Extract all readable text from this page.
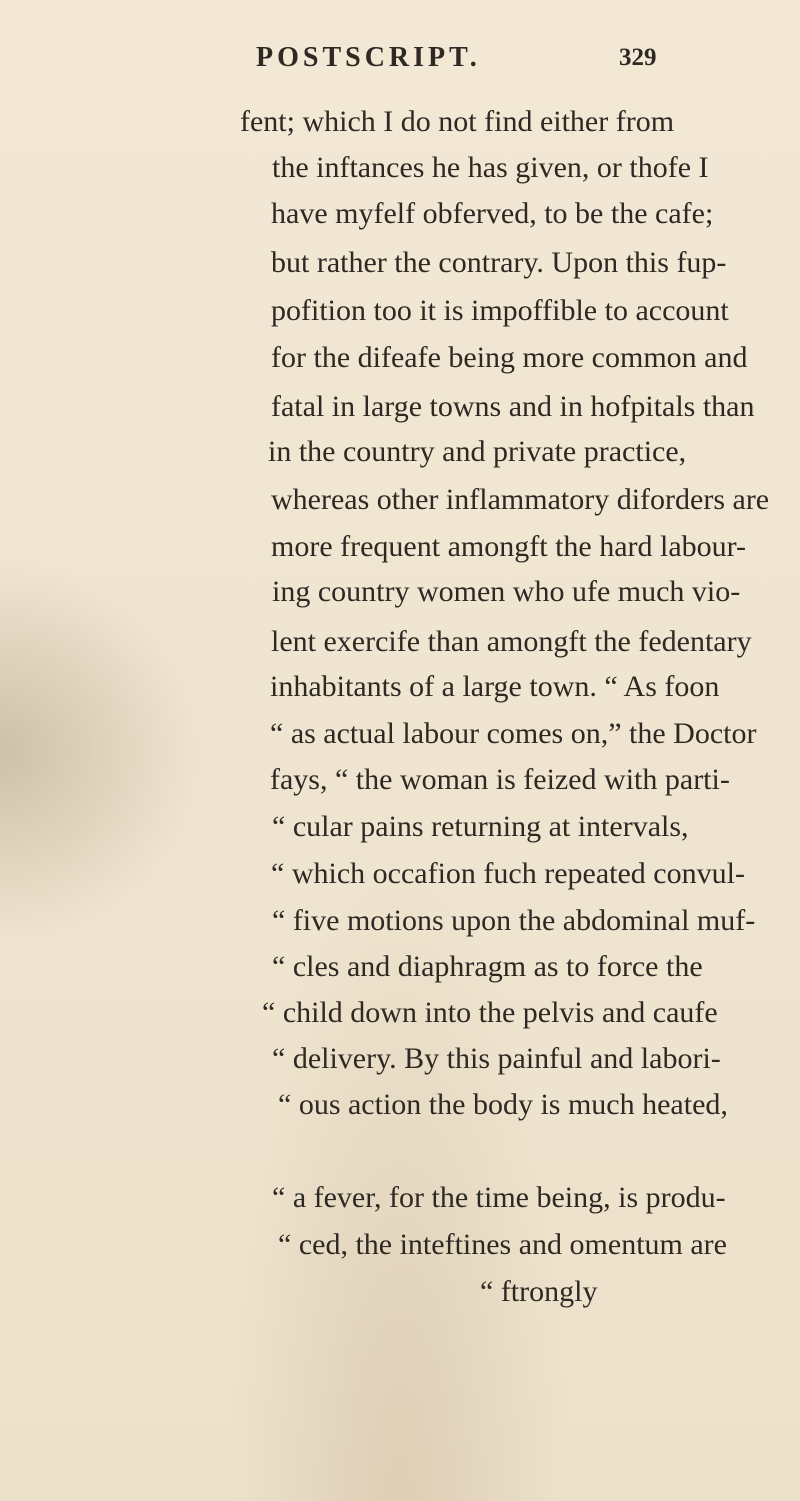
POSTSCRIPT.	329
fent; which I do not find either from
the inftances he has given, or thofe I
have myfelf obferved, to be the cafe;
but rather the contrary. Upon this fup-
pofition too it is impoffible to account
for the difeafe being more common and
fatal in large towns and in hofpitals than
in the country and private practice,
whereas other inflammatory diforders are
more frequent amongft the hard labour-
ing country women who ufe much vio-
lent exercife than amongft the fedentary
inhabitants of a large town. “ As foon
“ as actual labour comes on,” the Doctor
fays, “ the woman is feized with parti-
“ cular pains returning at intervals,
“ which occafion fuch repeated convul-
“ five motions upon the abdominal muf-
“ cles and diaphragm as to force the
“ child down into the pelvis and caufe
“ delivery. By this painful and labori-
“ ous action the body is much heated,
“ a fever, for the time being, is produ-
“ ced, the inteftines and omentum are
“ ftrongly
